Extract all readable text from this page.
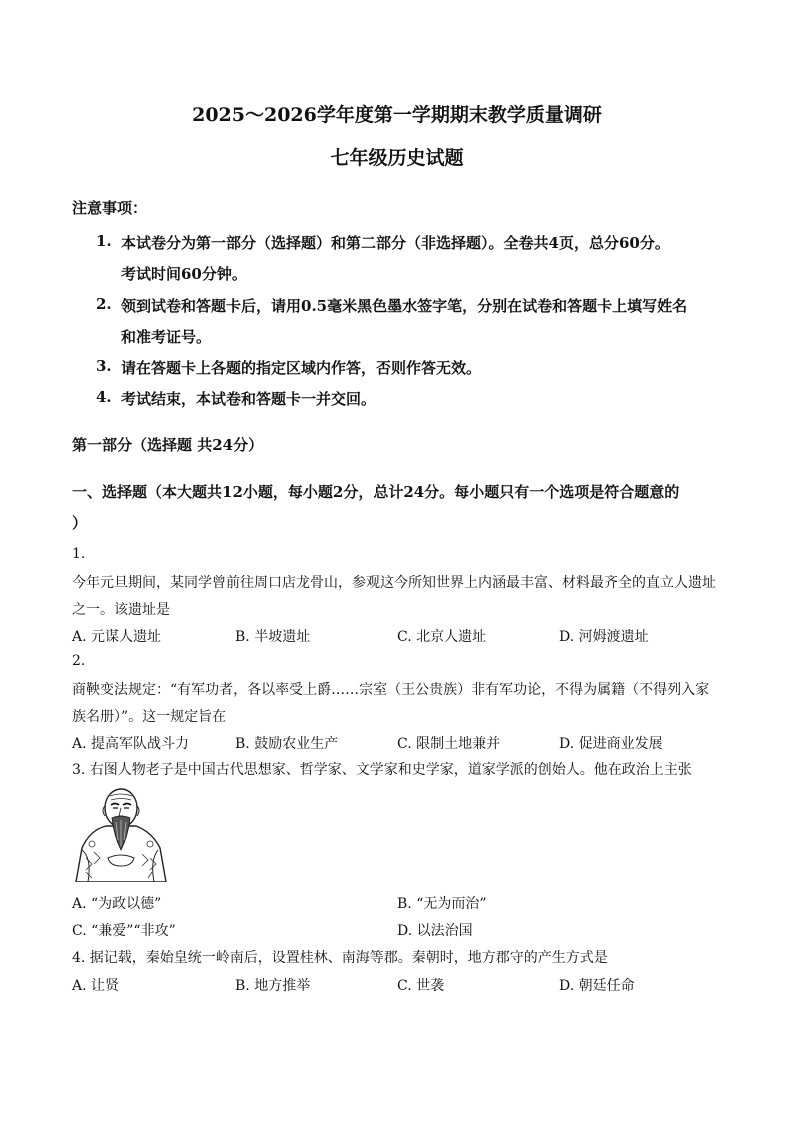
2025～2026学年度第一学期期末教学质量调研
七年级历史试题
注意事项：
1. 本试卷分为第一部分（选择题）和第二部分（非选择题）。全卷共4页，总分60分。
考试时间60分钟。
2. 领到试卷和答题卡后，请用0.5毫米黑色墨水签字笔，分别在试卷和答题卡上填写姓名
和准考证号。
3. 请在答题卡上各题的指定区域内作答，否则作答无效。
4. 考试结束，本试卷和答题卡一并交回。
第一部分（选择题 共24分）
一、选择题（本大题共12小题，每小题2分，总计24分。每小题只有一个选项是符合题意的
）
1.
今年元旦期间，某同学曾前往周口店龙骨山，参观这今所知世界上内涵最丰富、材料最齐全的直立人遗址
之一。该遗址是
A. 元谋人遗址	B. 半坡遗址	C. 北京人遗址	D. 河姆渡遗址
2.
商鞅变法规定：“有军功者，各以率受上爵……宗室（王公贵族）非有军功论，不得为属籍（不得列入家
族名册）”。这一规定旨在
A. 提高军队战斗力	B. 鼓励农业生产	C. 限制土地兼并	D. 促进商业发展
3. 右图人物老子是中国古代思想家、哲学家、文学家和史学家，道家学派的创始人。他在政治上主张
A. “为政以德”	B. “无为而治”
C. “兼爱”“非攻”	D. 以法治国
4. 据记载，秦始皇统一岭南后，设置桂林、南海等郡。秦朝时，地方郡守的产生方式是
A. 让贤	B. 地方推举	C. 世袭	D. 朝廷任命
